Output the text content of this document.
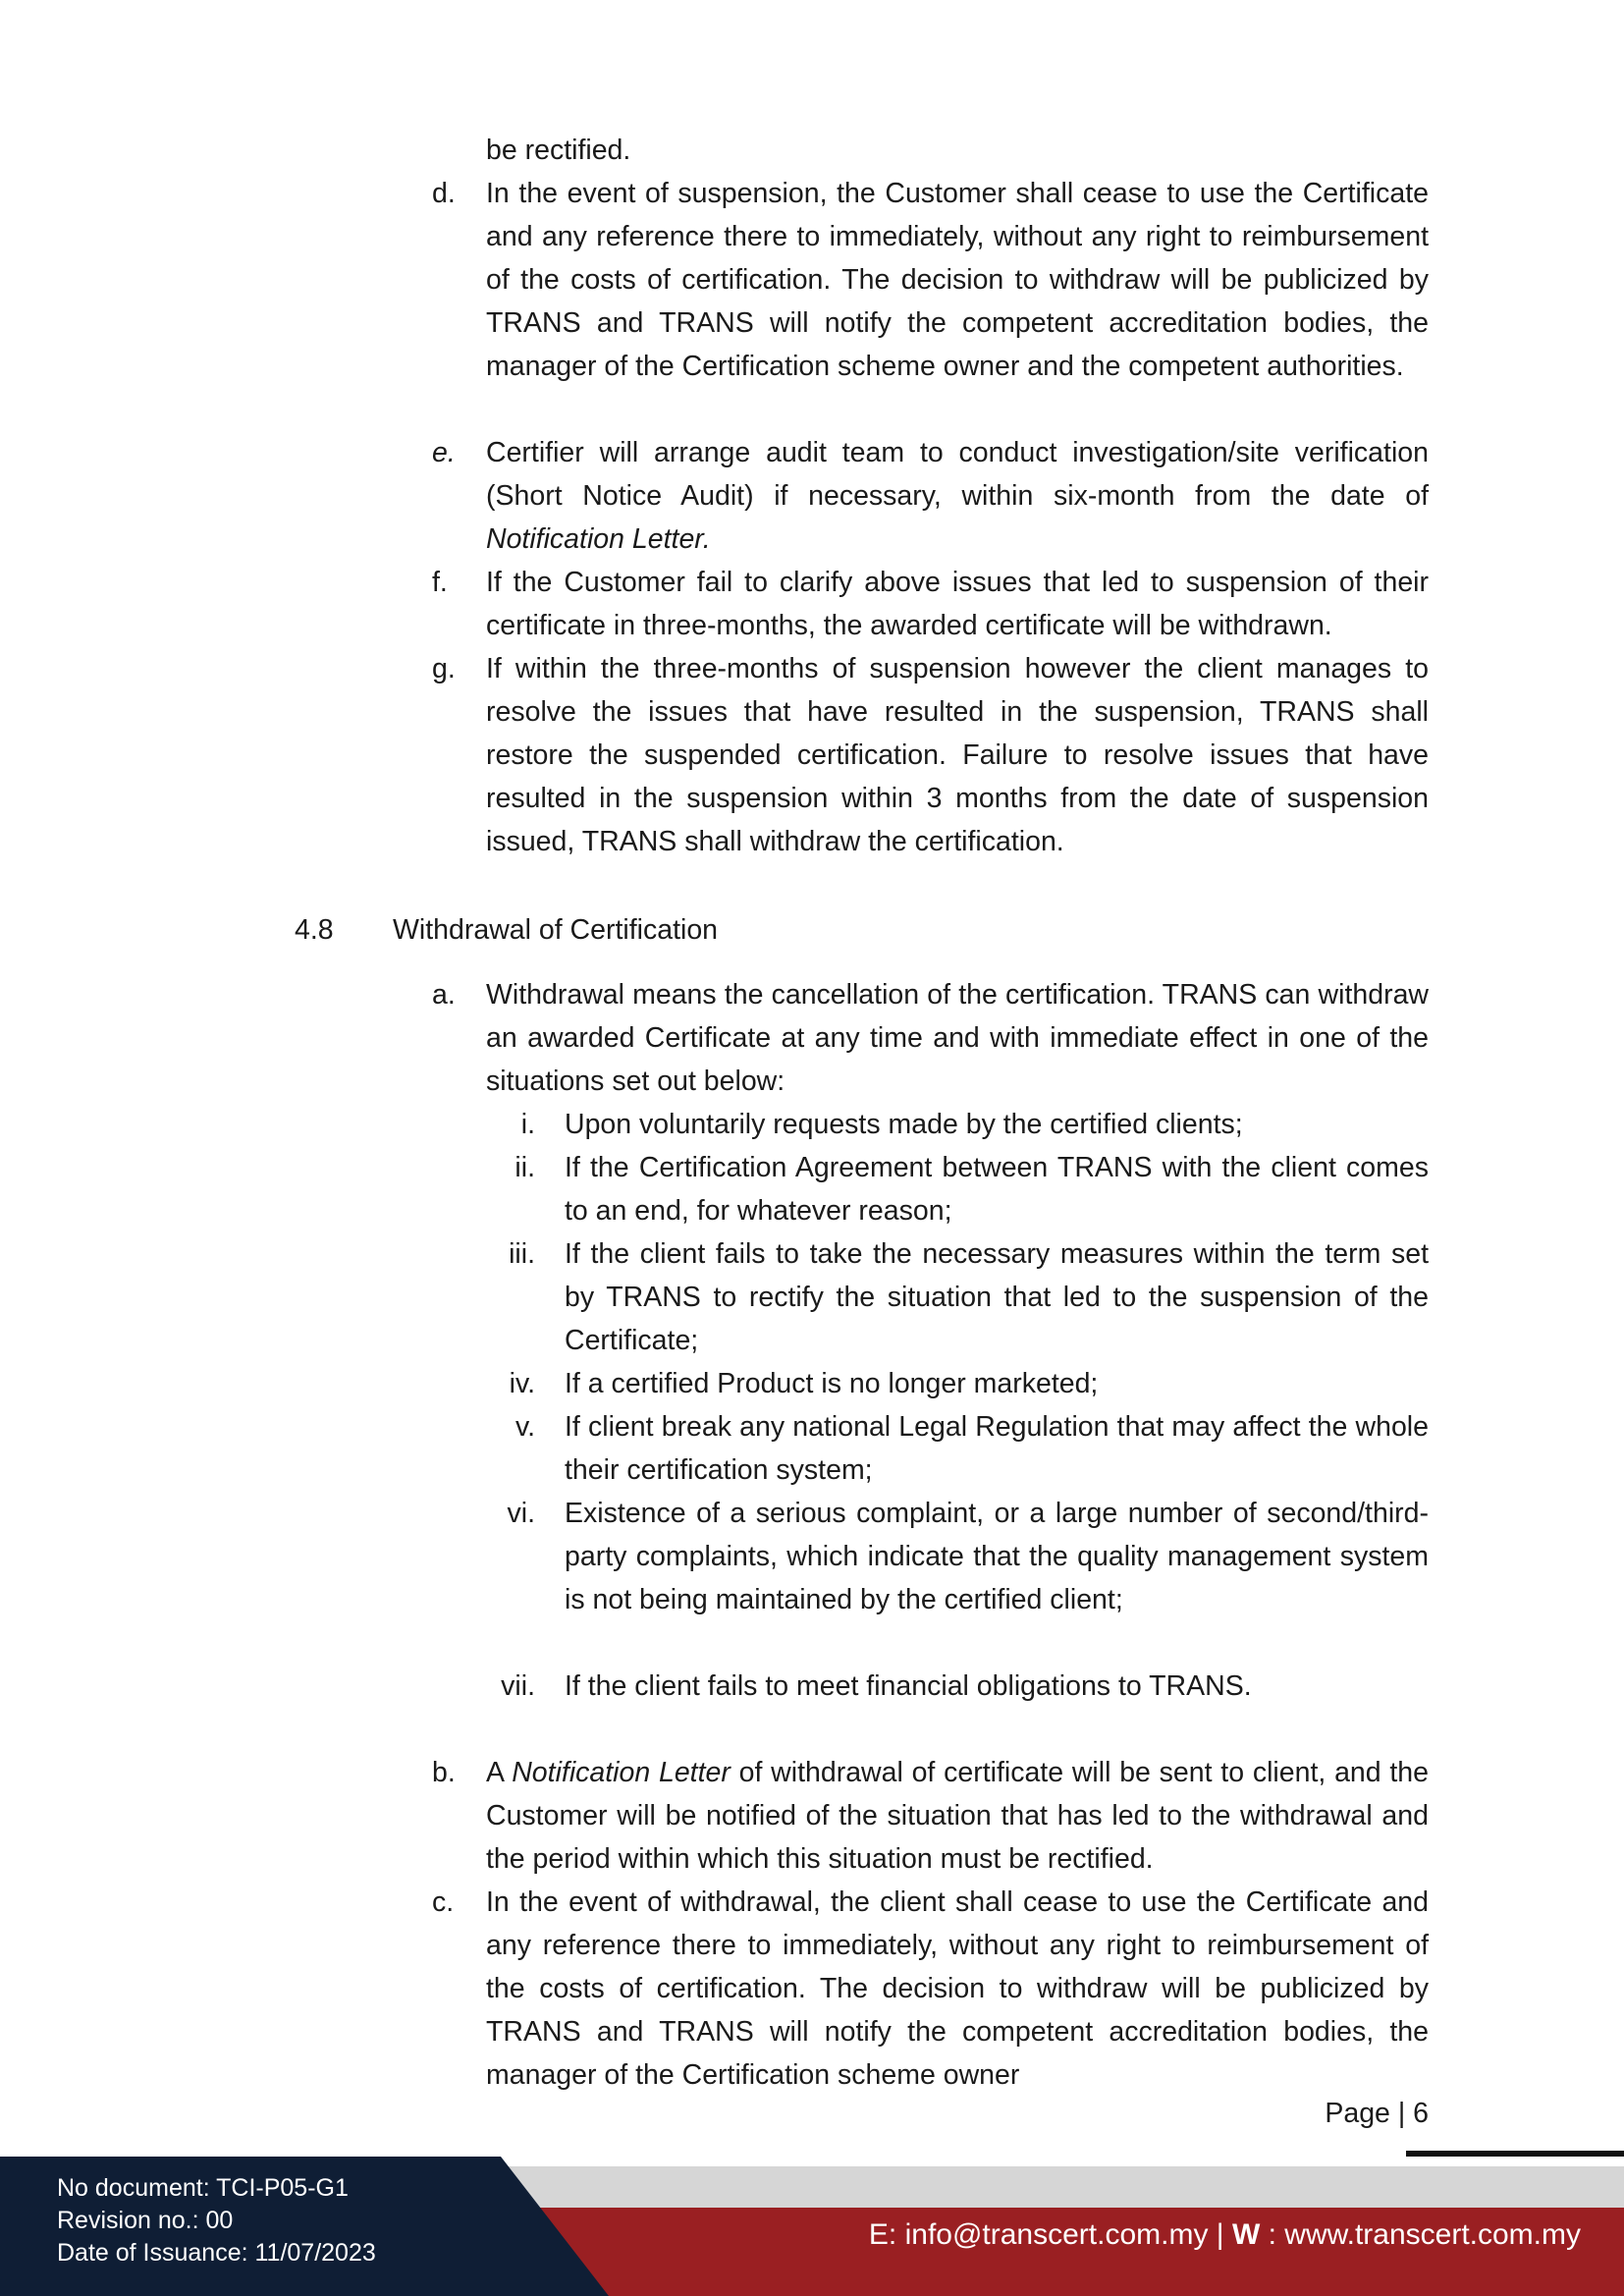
be rectified.

d.	In the event of suspension, the Customer shall cease to use the Certificate and any reference there to immediately, without any right to reimbursement of the costs of certification. The decision to withdraw will be publicized by TRANS and TRANS will notify the competent accreditation bodies, the manager of the Certification scheme owner and the competent authorities.
e.	Certifier will arrange audit team to conduct investigation/site verification (Short Notice Audit) if necessary, within six-month from the date of Notification Letter.
f.	If the Customer fail to clarify above issues that led to suspension of their certificate in three-months, the awarded certificate will be withdrawn.
g.	If within the three-months of suspension however the client manages to resolve the issues that have resulted in the suspension, TRANS shall restore the suspended certification. Failure to resolve issues that have resulted in the suspension within 3 months from the date of suspension issued, TRANS shall withdraw the certification.
4.8 Withdrawal of Certification
a.	Withdrawal means the cancellation of the certification. TRANS can withdraw an awarded Certificate at any time and with immediate effect in one of the situations set out below:
i. Upon voluntarily requests made by the certified clients;
ii. If the Certification Agreement between TRANS with the client comes to an end, for whatever reason;
iii. If the client fails to take the necessary measures within the term set by TRANS to rectify the situation that led to the suspension of the Certificate;
iv. If a certified Product is no longer marketed;
v. If client break any national Legal Regulation that may affect the whole their certification system;
vi. Existence of a serious complaint, or a large number of second/third-party complaints, which indicate that the quality management system is not being maintained by the certified client;
vii. If the client fails to meet financial obligations to TRANS.
b.	A Notification Letter of withdrawal of certificate will be sent to client, and the Customer will be notified of the situation that has led to the withdrawal and the period within which this situation must be rectified.
c.	In the event of withdrawal, the client shall cease to use the Certificate and any reference there to immediately, without any right to reimbursement of the costs of certification. The decision to withdraw will be publicized by TRANS and TRANS will notify the competent accreditation bodies, the manager of the Certification scheme owner
Page | 6
No document: TCI-P05-G1
Revision no.: 00
Date of Issuance: 11/07/2023
E: info@transcert.com.my | W : www.transcert.com.my
